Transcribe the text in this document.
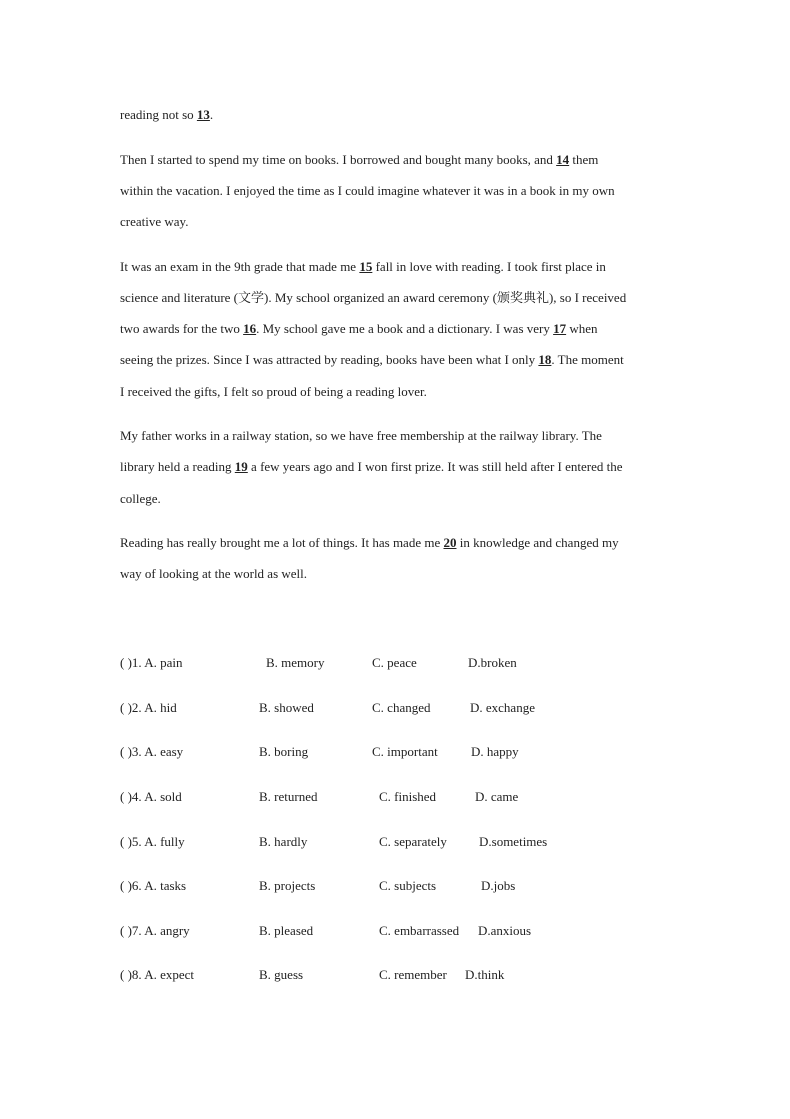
reading not so 13.
Then I started to spend my time on books. I borrowed and bought many books, and 14 them
within the vacation. I enjoyed the time as I could imagine whatever it was in a book in my own
creative way.
It was an exam in the 9th grade that made me 15 fall in love with reading. I took first place in
science and literature (文学). My school organized an award ceremony (颁奖典礼), so I received
two awards for the two 16. My school gave me a book and a dictionary. I was very 17 when
seeing the prizes. Since I was attracted by reading, books have been what I only 18. The moment
I received the gifts, I felt so proud of being a reading lover.
My father works in a railway station, so we have free membership at the railway library. The
library held a reading 19 a few years ago and I won first prize. It was still held after I entered the
college.
Reading has really brought me a lot of things. It has made me 20 in knowledge and changed my
way of looking at the world as well.
( )1. A. pain	B. memory	C. peace	D.broken
( )2. A. hid	B. showed	C. changed	D. exchange
( )3. A. easy	B. boring	C. important	D. happy
( )4. A. sold	B. returned	C. finished	D. came
( )5. A. fully	B. hardly	C. separately D.sometimes
( )6. A. tasks	B. projects	C. subjects	D.jobs
( )7. A. angry	B. pleased	C. embarrassed D.anxious
( )8. A. expect	B. guess	C. remember D.think
